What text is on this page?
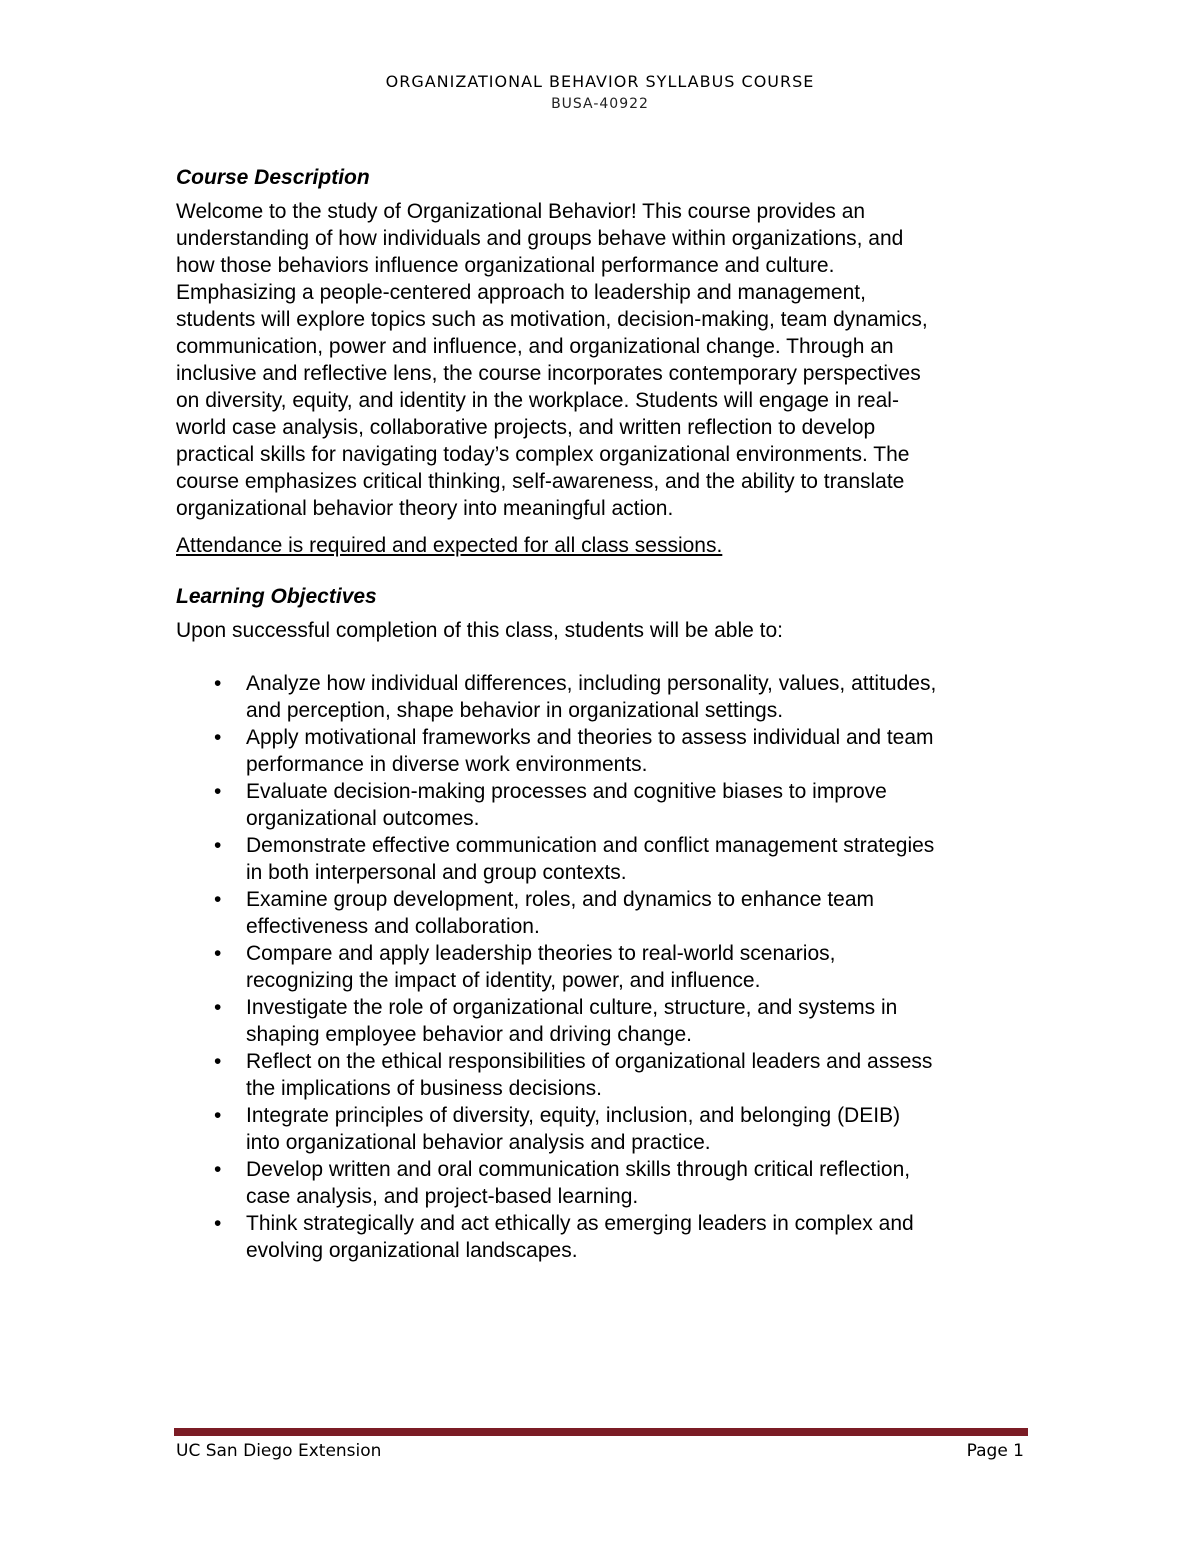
ORGANIZATIONAL BEHAVIOR SYLLABUS COURSE
BUSA-40922
Course Description

Welcome to the study of Organizational Behavior! This course provides an

understanding of how individuals and groups behave within organizations, and

how those behaviors influence organizational performance and culture.

Emphasizing a people-centered approach to leadership and management,

students will explore topics such as motivation, decision-making, team dynamics,

communication, power and influence, and organizational change. Through an

inclusive and reflective lens, the course incorporates contemporary perspectives

on diversity, equity, and identity in the workplace. Students will engage in real-

world case analysis, collaborative projects, and written reflection to develop

practical skills for navigating today’s complex organizational environments. The

course emphasizes critical thinking, self-awareness, and the ability to translate

organizational behavior theory into meaningful action.

Attendance is required and expected for all class sessions.

Learning Objectives

Upon successful completion of this class, students will be able to:

• Analyze how individual differences, including personality, values, attitudes,
and perception, shape behavior in organizational settings.
• Apply motivational frameworks and theories to assess individual and team
performance in diverse work environments.
• Evaluate decision-making processes and cognitive biases to improve
organizational outcomes.
• Demonstrate effective communication and conflict management strategies
in both interpersonal and group contexts.
• Examine group development, roles, and dynamics to enhance team
effectiveness and collaboration.
• Compare and apply leadership theories to real-world scenarios,
recognizing the impact of identity, power, and influence.
• Investigate the role of organizational culture, structure, and systems in
shaping employee behavior and driving change.
• Reflect on the ethical responsibilities of organizational leaders and assess
the implications of business decisions.
• Integrate principles of diversity, equity, inclusion, and belonging (DEIB)
into organizational behavior analysis and practice.
• Develop written and oral communication skills through critical reflection,
case analysis, and project-based learning.
• Think strategically and act ethically as emerging leaders in complex and
evolving organizational landscapes.
UC San Diego Extension	Page 1
